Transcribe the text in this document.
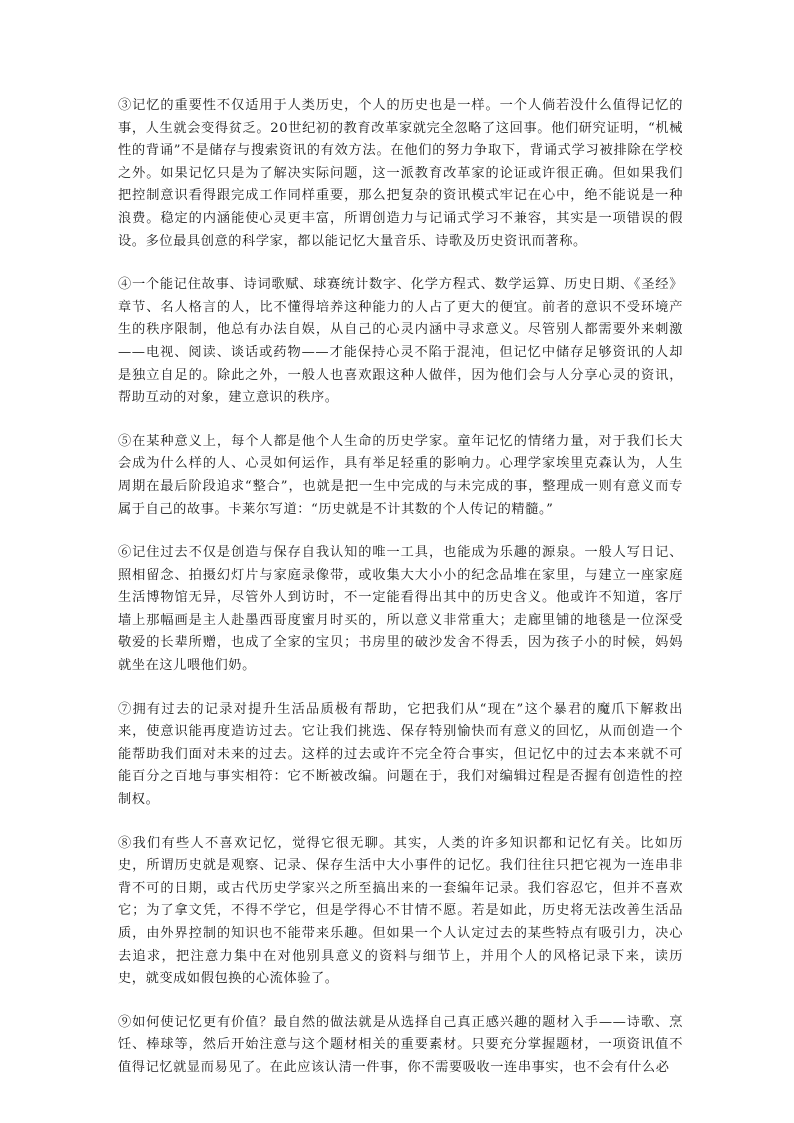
③记忆的重要性不仅适用于人类历史，个人的历史也是一样。一个人倘若没什么值得记忆的事，人生就会变得贫乏。20世纪初的教育改革家就完全忽略了这回事。他们研究证明，“机械性的背诵”不是储存与搜索资讯的有效方法。在他们的努力争取下，背诵式学习被排除在学校之外。如果记忆只是为了解决实际问题，这一派教育改革家的论证或许很正确。但如果我们把控制意识看得跟完成工作同样重要，那么把复杂的资讯模式牢记在心中，绝不能说是一种浪费。稳定的内涵能使心灵更丰富，所谓创造力与记诵式学习不兼容，其实是一项错误的假设。多位最具创意的科学家，都以能记忆大量音乐、诗歌及历史资讯而著称。

④一个能记住故事、诗词歌赋、球赛统计数字、化学方程式、数学运算、历史日期、《圣经》章节、名人格言的人，比不懂得培养这种能力的人占了更大的便宜。前者的意识不受环境产生的秩序限制，他总有办法自娱，从自己的心灵内涵中寻求意义。尽管别人都需要外来刺激——电视、阅读、谈话或药物——才能保持心灵不陷于混沌，但记忆中储存足够资讯的人却是独立自足的。除此之外，一般人也喜欢跟这种人做伴，因为他们会与人分享心灵的资讯，帮助互动的对象，建立意识的秩序。

⑤在某种意义上，每个人都是他个人生命的历史学家。童年记忆的情绪力量，对于我们长大会成为什么样的人、心灵如何运作，具有举足轻重的影响力。心理学家埃里克森认为，人生周期在最后阶段追求“整合”，也就是把一生中完成的与未完成的事，整理成一则有意义而专属于自己的故事。卡莱尔写道：“历史就是不计其数的个人传记的精髓。”

⑥记住过去不仅是创造与保存自我认知的唯一工具，也能成为乐趣的源泉。一般人写日记、照相留念、拍摄幻灯片与家庭录像带，或收集大大小小的纪念品堆在家里，与建立一座家庭生活博物馆无异，尽管外人到访时，不一定能看得出其中的历史含义。他或许不知道，客厅墙上那幅画是主人赴墨西哥度蜜月时买的，所以意义非常重大；走廊里铺的地毯是一位深受敬爱的长辈所赠，也成了全家的宝贝；书房里的破沙发舍不得丢，因为孩子小的时候，妈妈就坐在这儿喂他们奶。

⑦拥有过去的记录对提升生活品质极有帮助，它把我们从“现在”这个暴君的魔爪下解救出来，使意识能再度造访过去。它让我们挑选、保存特别愉快而有意义的回忆，从而创造一个能帮助我们面对未来的过去。这样的过去或许不完全符合事实，但记忆中的过去本来就不可能百分之百地与事实相符：它不断被改编。问题在于，我们对编辑过程是否握有创造性的控制权。

⑧我们有些人不喜欢记忆，觉得它很无聊。其实，人类的许多知识都和记忆有关。比如历史，所谓历史就是观察、记录、保存生活中大小事件的记忆。我们往往只把它视为一连串非背不可的日期，或古代历史学家兴之所至搞出来的一套编年记录。我们容忍它，但并不喜欢它；为了拿文凭，不得不学它，但是学得心不甘情不愿。若是如此，历史将无法改善生活品质，由外界控制的知识也不能带来乐趣。但如果一个人认定过去的某些特点有吸引力，决心去追求，把注意力集中在对他别具意义的资料与细节上，并用个人的风格记录下来，读历史，就变成如假包换的心流体验了。

⑨如何使记忆更有价值？最自然的做法就是从选择自己真正感兴趣的题材入手——诗歌、烹饪、棒球等，然后开始注意与这个题材相关的重要素材。只要充分掌握题材，一项资讯值不值得记忆就显而易见了。在此应该认清一件事，你不需要吸收一连串事实，也不会有什么必
